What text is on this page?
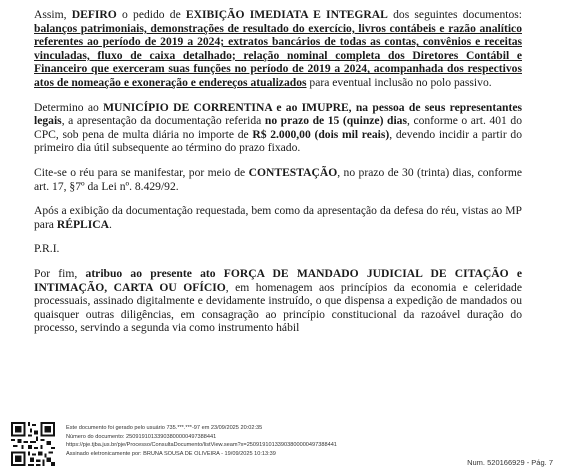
Assim, DEFIRO o pedido de EXIBIÇÃO IMEDIATA E INTEGRAL dos seguintes documentos: balanços patrimoniais, demonstrações de resultado do exercício, livros contábeis e razão analítico referentes ao período de 2019 a 2024; extratos bancários de todas as contas, convênios e receitas vinculadas, fluxo de caixa detalhado; relação nominal completa dos Diretores Contábil e Financeiro que exerceram suas funções no período de 2019 a 2024, acompanhada dos respectivos atos de nomeação e exoneração e endereços atualizados para eventual inclusão no polo passivo.

Determino ao MUNICÍPIO DE CORRENTINA e ao IMUPRE, na pessoa de seus representantes legais, a apresentação da documentação referida no prazo de 15 (quinze) dias, conforme o art. 401 do CPC, sob pena de multa diária no importe de R$ 2.000,00 (dois mil reais), devendo incidir a partir do primeiro dia útil subsequente ao término do prazo fixado.

Cite-se o réu para se manifestar, por meio de CONTESTAÇÃO, no prazo de 30 (trinta) dias, conforme art. 17, §7º da Lei nº. 8.429/92.

Após a exibição da documentação requestada, bem como da apresentação da defesa do réu, vistas ao MP para RÉPLICA.

P.R.I.

Por fim, atribuo ao presente ato FORÇA DE MANDADO JUDICIAL DE CITAÇÃO e INTIMAÇÃO, CARTA OU OFÍCIO, em homenagem aos princípios da economia e celeridade processuais, assinado digitalmente e devidamente instruído, o que dispensa a expedição de mandados ou quaisquer outras diligências, em consagração ao princípio constitucional da razoável duração do processo, servindo a segunda via como instrumento hábil

Este documento foi gerado pelo usuário 735.***.***-97 em 23/09/2025 20:02:35
Número do documento: 25091910133903800000497388441
https://pje.tjba.jus.br/pje/Processo/ConsultaDocumento/listView.seam?x=25091910133903800000497388441
Assinado eletronicamente por: BRUNA SOUSA DE OLIVEIRA - 19/09/2025 10:13:39
Num. 520166929 - Pág. 7
